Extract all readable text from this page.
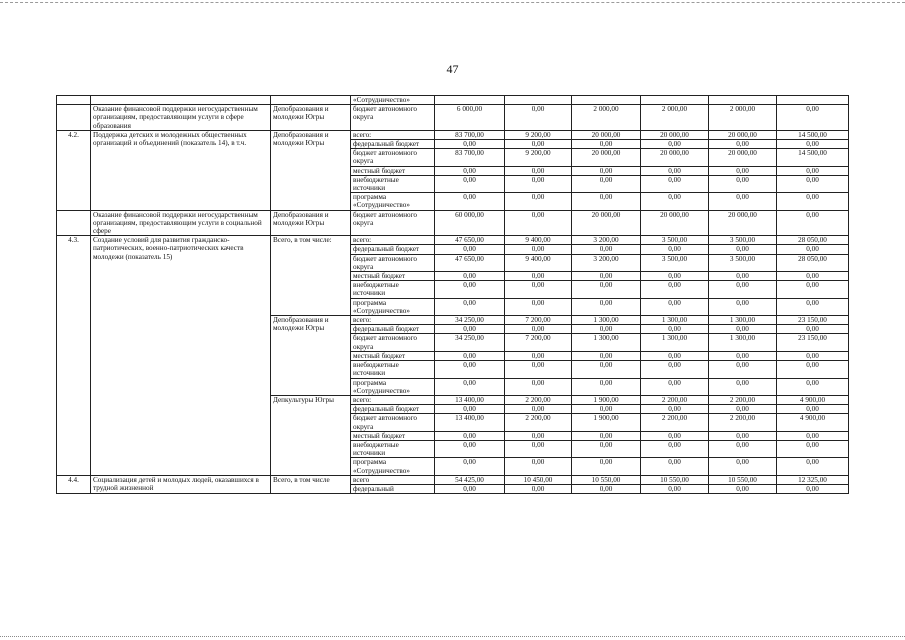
47
			«Сотрудничество»						
	Оказание финансовой поддержки негосударственным организациям, предоставляющим услуги в сфере образования	Депобразования и молодежи Югры	бюджет автономного округа	6 000,00	0,00	2 000,00	2 000,00	2 000,00	0,00
4.2.	Поддержка детских и молодежных общественных организаций и объединений (показатель 14), в т.ч.	Депобразования и молодежи Югры	всего:	83 700,00	9 200,00	20 000,00	20 000,00	20 000,00	14 500,00
			федеральный бюджет	0,00	0,00	0,00	0,00	0,00	0,00
			бюджет автономного округа	83 700,00	9 200,00	20 000,00	20 000,00	20 000,00	14 500,00
			местный бюджет	0,00	0,00	0,00	0,00	0,00	0,00
			внебюджетные источники	0,00	0,00	0,00	0,00	0,00	0,00
			программа «Сотрудничество»	0,00	0,00	0,00	0,00	0,00	0,00
	Оказание финансовой поддержки негосударственным организациям, предоставляющим услуги в социальной сфере	Депобразования и молодежи Югры	бюджет автономного округа	60 000,00	0,00	20 000,00	20 000,00	20 000,00	0,00
4.3.	Создание условий для развития гражданско-патриотических, военно-патриотических качеств молодежи (показатель 15)	Всего, в том числе:	всего:	47 650,00	9 400,00	3 200,00	3 500,00	3 500,00	28 050,00
			федеральный бюджет	0,00	0,00	0,00	0,00	0,00	0,00
			бюджет автономного округа	47 650,00	9 400,00	3 200,00	3 500,00	3 500,00	28 050,00
			местный бюджет	0,00	0,00	0,00	0,00	0,00	0,00
			внебюджетные источники	0,00	0,00	0,00	0,00	0,00	0,00
			программа «Сотрудничество»	0,00	0,00	0,00	0,00	0,00	0,00
		Депобразования и молодежи Югры	всего:	34 250,00	7 200,00	1 300,00	1 300,00	1 300,00	23 150,00
			федеральный бюджет	0,00	0,00	0,00	0,00	0,00	0,00
			бюджет автономного округа	34 250,00	7 200,00	1 300,00	1 300,00	1 300,00	23 150,00
			местный бюджет	0,00	0,00	0,00	0,00	0,00	0,00
			внебюджетные источники	0,00	0,00	0,00	0,00	0,00	0,00
			программа «Сотрудничество»	0,00	0,00	0,00	0,00	0,00	0,00
		Депкультуры Югры	всего:	13 400,00	2 200,00	1 900,00	2 200,00	2 200,00	4 900,00
			федеральный бюджет	0,00	0,00	0,00	0,00	0,00	0,00
			бюджет автономного округа	13 400,00	2 200,00	1 900,00	2 200,00	2 200,00	4 900,00
			местный бюджет	0,00	0,00	0,00	0,00	0,00	0,00
			внебюджетные источники	0,00	0,00	0,00	0,00	0,00	0,00
			программа «Сотрудничество»	0,00	0,00	0,00	0,00	0,00	0,00
4.4.	Социализация детей и молодых людей, оказавшихся в трудной жизненной	Всего, в том числе	всего	54 425,00	10 450,00	10 550,00	10 550,00	10 550,00	12 325,00
			федеральный	0,00	0,00	0,00	0,00	0,00	0,00
